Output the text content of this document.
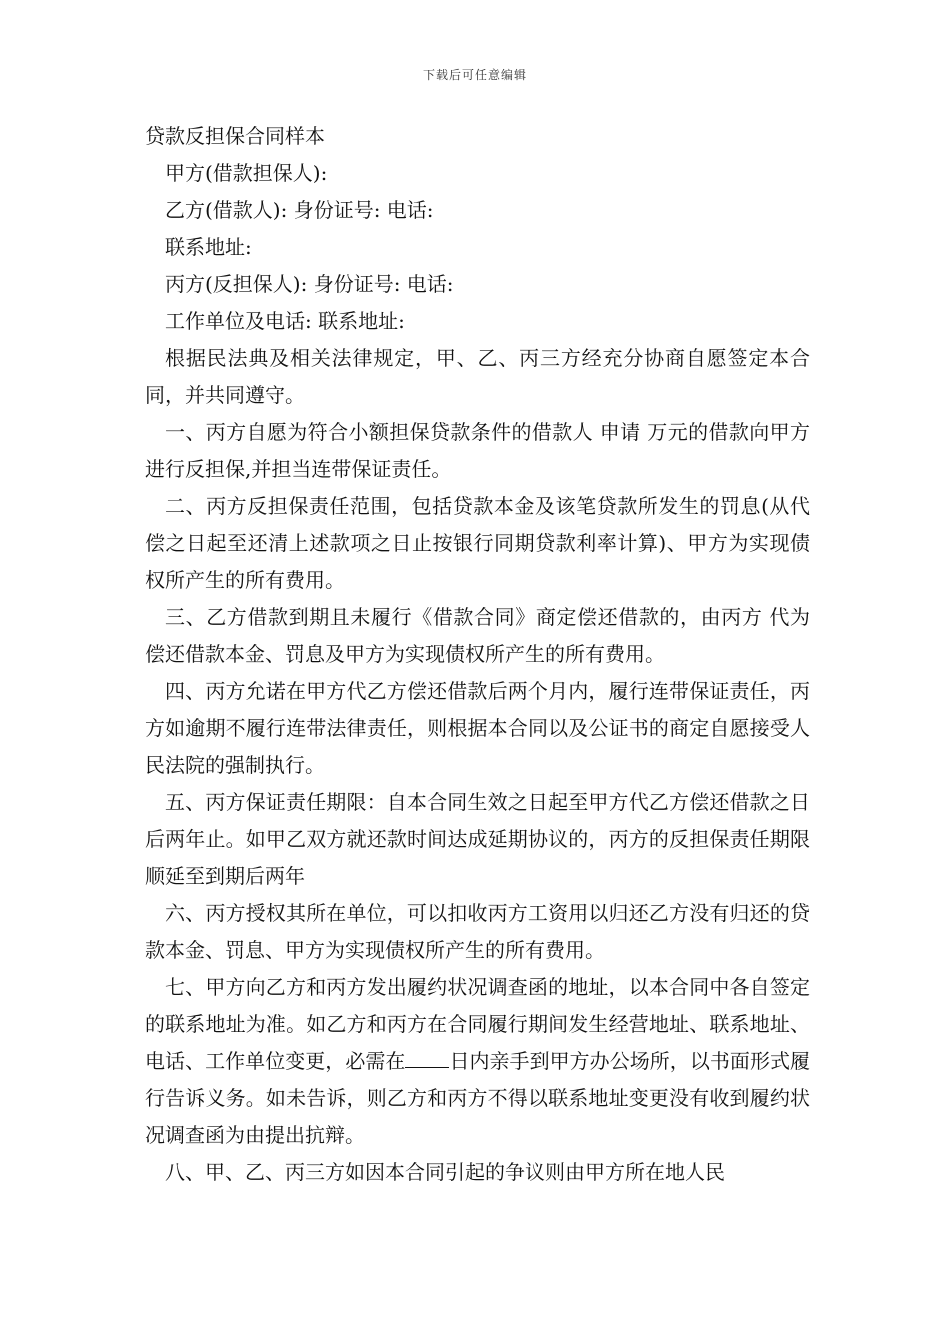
下载后可任意编辑
贷款反担保合同样本
甲方(借款担保人):
乙方(借款人): 身份证号: 电话:
联系地址:
丙方(反担保人): 身份证号: 电话:
工作单位及电话: 联系地址:

根据民法典及相关法律规定，甲、乙、丙三方经充分协商自愿签定本合同，并共同遵守。

一、丙方自愿为符合小额担保贷款条件的借款人 申请 万元的借款向甲方进行反担保,并担当连带保证责任。

二、丙方反担保责任范围，包括贷款本金及该笔贷款所发生的罚息(从代偿之日起至还清上述款项之日止按银行同期贷款利率计算)、甲方为实现债权所产生的所有费用。

三、乙方借款到期且未履行《借款合同》商定偿还借款的，由丙方 代为偿还借款本金、罚息及甲方为实现债权所产生的所有费用。

四、丙方允诺在甲方代乙方偿还借款后两个月内，履行连带保证责任，丙方如逾期不履行连带法律责任，则根据本合同以及公证书的商定自愿接受人民法院的强制执行。

五、丙方保证责任期限：自本合同生效之日起至甲方代乙方偿还借款之日后两年止。如甲乙双方就还款时间达成延期协议的，丙方的反担保责任期限顺延至到期后两年

六、丙方授权其所在单位，可以扣收丙方工资用以归还乙方没有归还的贷款本金、罚息、甲方为实现债权所产生的所有费用。

七、甲方向乙方和丙方发出履约状况调查函的地址，以本合同中各自签定的联系地址为准。如乙方和丙方在合同履行期间发生经营地址、联系地址、电话、工作单位变更，必需在 日内亲手到甲方办公场所，以书面形式履行告诉义务。如未告诉，则乙方和丙方不得以联系地址变更没有收到履约状况调查函为由提出抗辩。

八、甲、乙、丙三方如因本合同引起的争议则由甲方所在地人民
